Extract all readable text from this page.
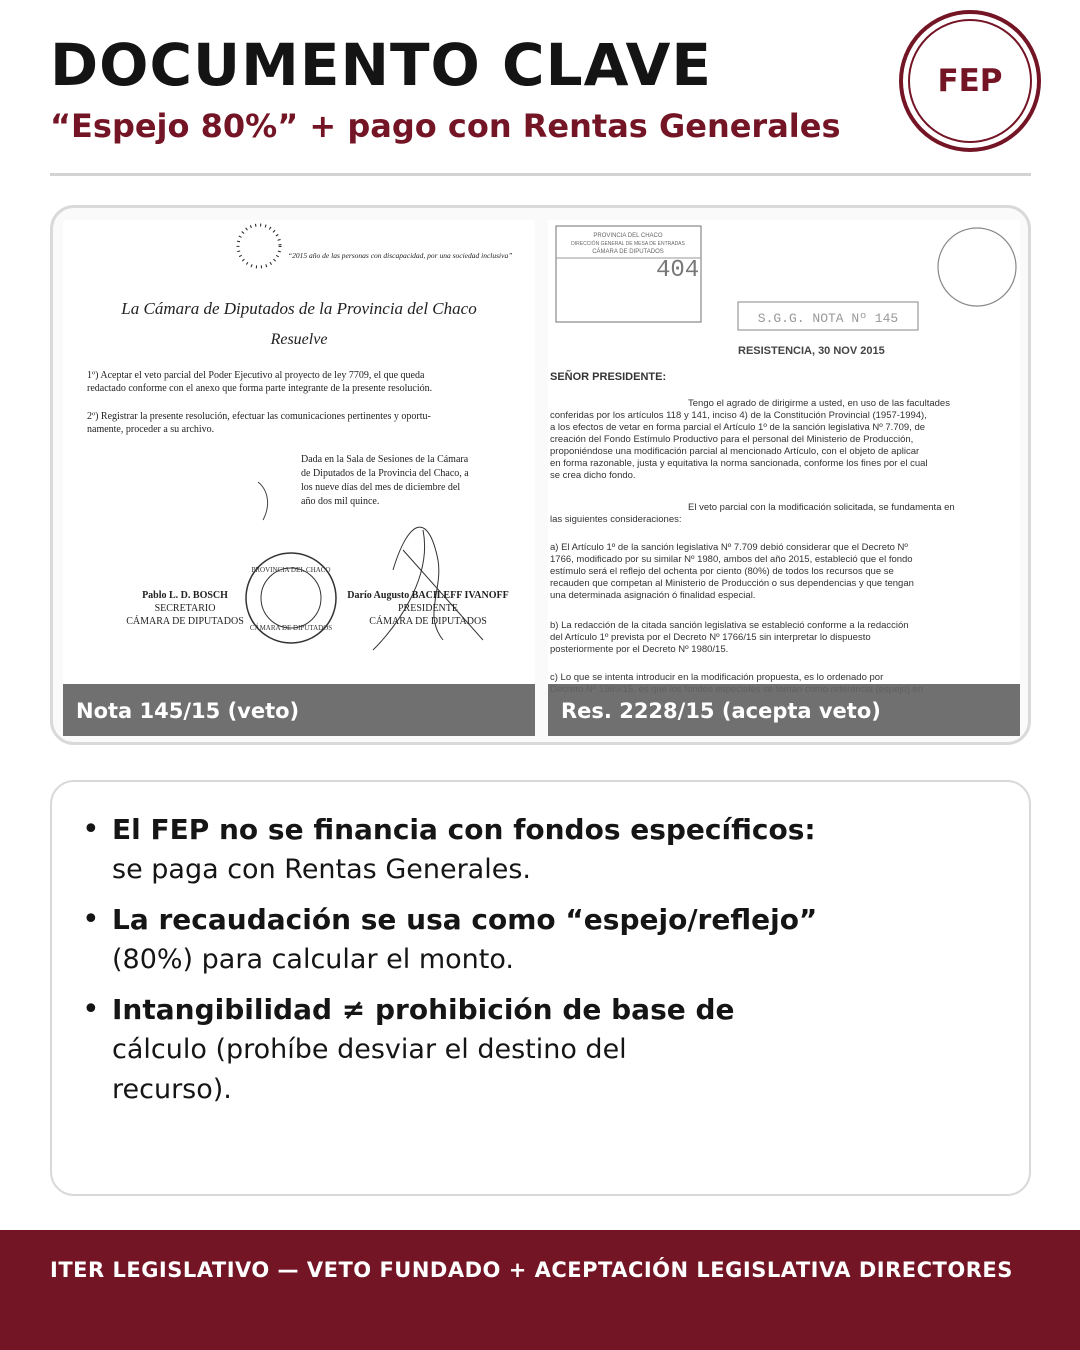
DOCUMENTO CLAVE
“Espejo 80%” + pago con Rentas Generales
FEP
“2015 año de las personas con discapacidad, por una sociedad inclusiva”
La Cámara de Diputados de la Provincia del Chaco
Resuelve
1º) Aceptar el veto parcial del Poder Ejecutivo al proyecto de ley 7709, el que queda
redactado conforme con el anexo que forma parte integrante de la presente resolución.
2º) Registrar la presente resolución, efectuar las comunicaciones pertinentes y oportu-
namente, proceder a su archivo.
Dada en la Sala de Sesiones de la Cámara
de Diputados de la Provincia del Chaco, a
los nueve días del mes de diciembre del
año dos mil quince.
PROVINCIA DEL CHACO
CÁMARA DE DIPUTADOS
Pablo L. D. BOSCH
SECRETARIO
CÁMARA DE DIPUTADOS
Darío Augusto BACILEFF IVANOFF
PRESIDENTE
CÁMARA DE DIPUTADOS
Nota 145/15 (veto)
PROVINCIA DEL CHACO
DIRECCIÓN GENERAL DE MESA DE ENTRADAS
CÁMARA DE DIPUTADOS
404
S.G.G. NOTA Nº 145
RESISTENCIA, 30 NOV 2015
SEÑOR PRESIDENTE:
Tengo el agrado de dirigirme a usted, en uso de las facultades
conferidas por los artículos 118 y 141, inciso 4) de la Constitución Provincial (1957-1994),
a los efectos de vetar en forma parcial el Artículo 1º de la sanción legislativa Nº 7.709, de
creación del Fondo Estímulo Productivo para el personal del Ministerio de Producción,
proponiéndose una modificación parcial al mencionado Artículo, con el objeto de aplicar
en forma razonable, justa y equitativa la norma sancionada, conforme los fines por el cual
se crea dicho fondo.
El veto parcial con la modificación solicitada, se fundamenta en
las siguientes consideraciones:
a) El Artículo 1º de la sanción legislativa Nº 7.709 debió considerar que el Decreto Nº
1766, modificado por su similar Nº 1980, ambos del año 2015, estableció que el fondo
estímulo será el reflejo del ochenta por ciento (80%) de todos los recursos que se
recauden que competan al Ministerio de Producción o sus dependencias y que tengan
una determinada asignación ó finalidad especial.
b) La redacción de la citada sanción legislativa se estableció conforme a la redacción
del Artículo 1º prevista por el Decreto Nº 1766/15 sin interpretar lo dispuesto
posteriormente por el Decreto Nº 1980/15.
c) Lo que se intenta introducir en la modificación propuesta, es lo ordenado por
Res. 2228/15 (acepta veto)
• El FEP no se financia con fondos específicos:
se paga con Rentas Generales.
• La recaudación se usa como “espejo/reflejo”
(80%) para calcular el monto.
• Intangibilidad ≠ prohibición de base de
cálculo (prohíbe desviar el destino del recurso).
ITER LEGISLATIVO — VETO FUNDADO + ACEPTACIÓN LEGISLATIVA DIRECTORES
